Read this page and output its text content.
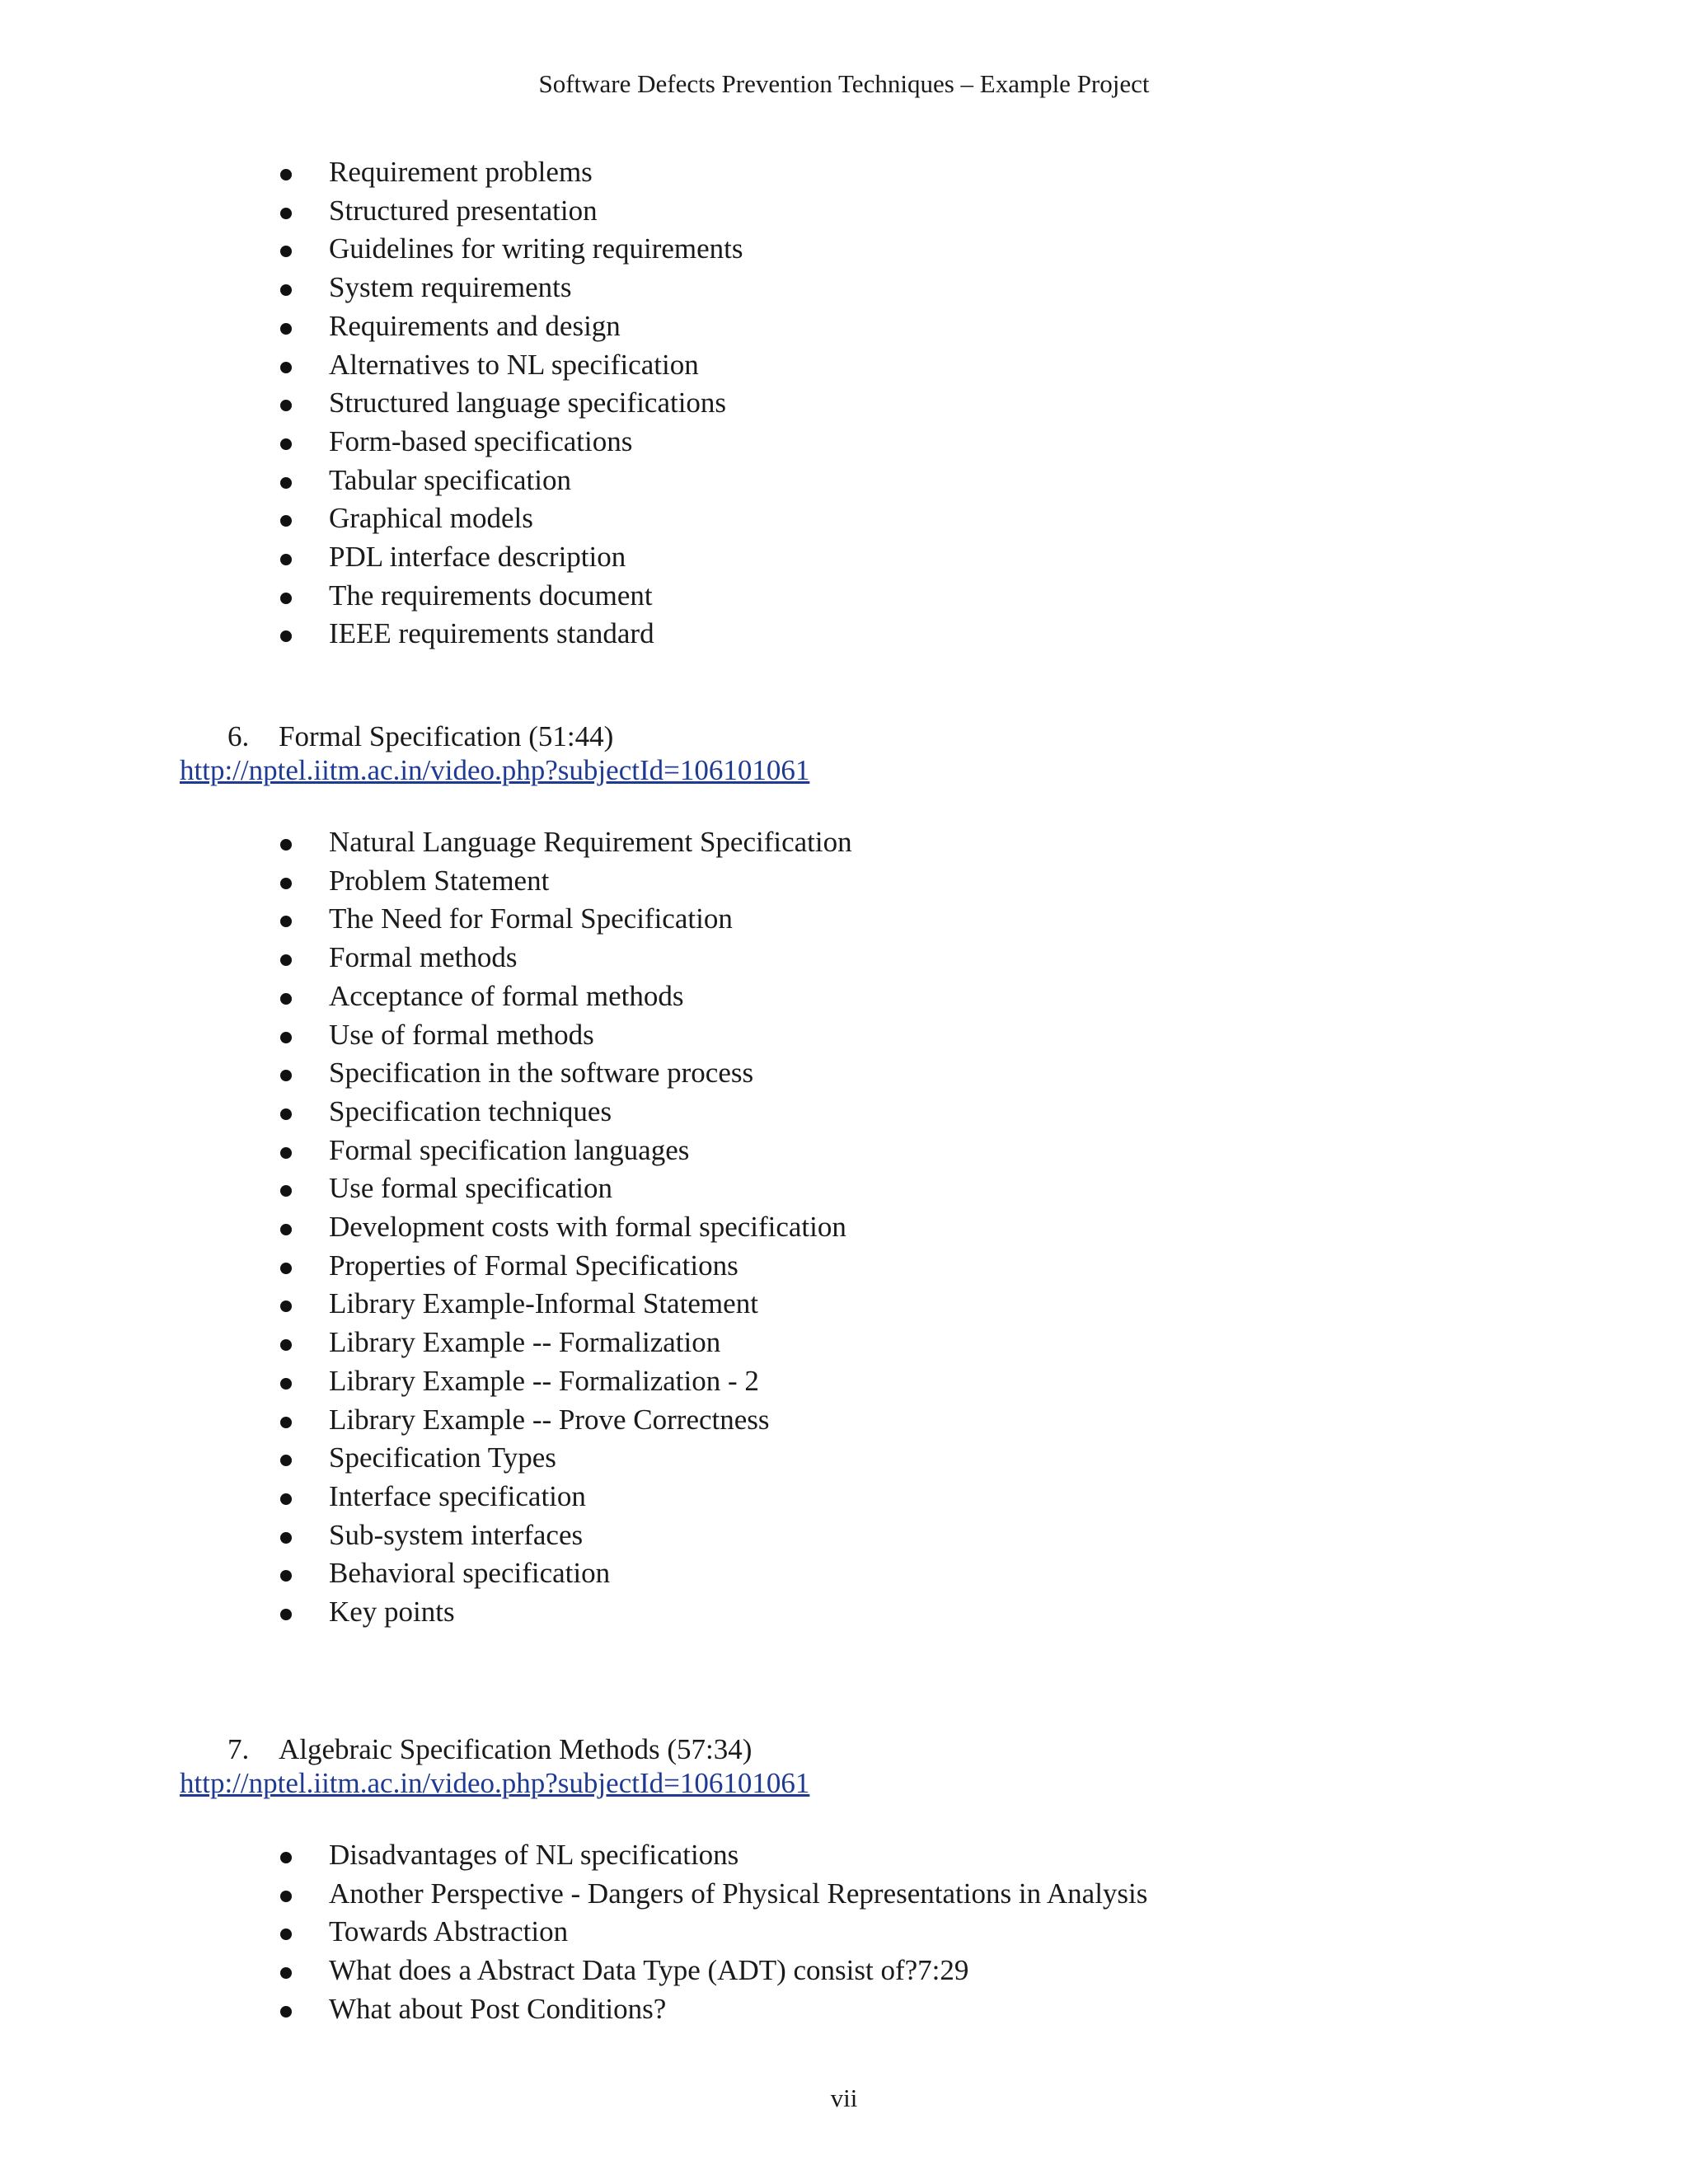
Software Defects Prevention Techniques – Example Project
Requirement problems
Structured presentation
Guidelines for writing requirements
System requirements
Requirements and design
Alternatives to NL specification
Structured language specifications
Form-based specifications
Tabular specification
Graphical models
PDL interface description
The requirements document
IEEE requirements standard
6. Formal Specification (51:44)
http://nptel.iitm.ac.in/video.php?subjectId=106101061
Natural Language Requirement Specification
Problem Statement
The Need for Formal Specification
Formal methods
Acceptance of formal methods
Use of formal methods
Specification in the software process
Specification techniques
Formal specification languages
Use formal specification
Development costs with formal specification
Properties of Formal Specifications
Library Example-Informal Statement
Library Example -- Formalization
Library Example -- Formalization - 2
Library Example -- Prove Correctness
Specification Types
Interface specification
Sub-system interfaces
Behavioral specification
Key points
7. Algebraic Specification Methods (57:34)
http://nptel.iitm.ac.in/video.php?subjectId=106101061
Disadvantages of NL specifications
Another Perspective - Dangers of Physical Representations in Analysis
Towards Abstraction
What does a Abstract Data Type (ADT) consist of?7:29
What about Post Conditions?
vii
